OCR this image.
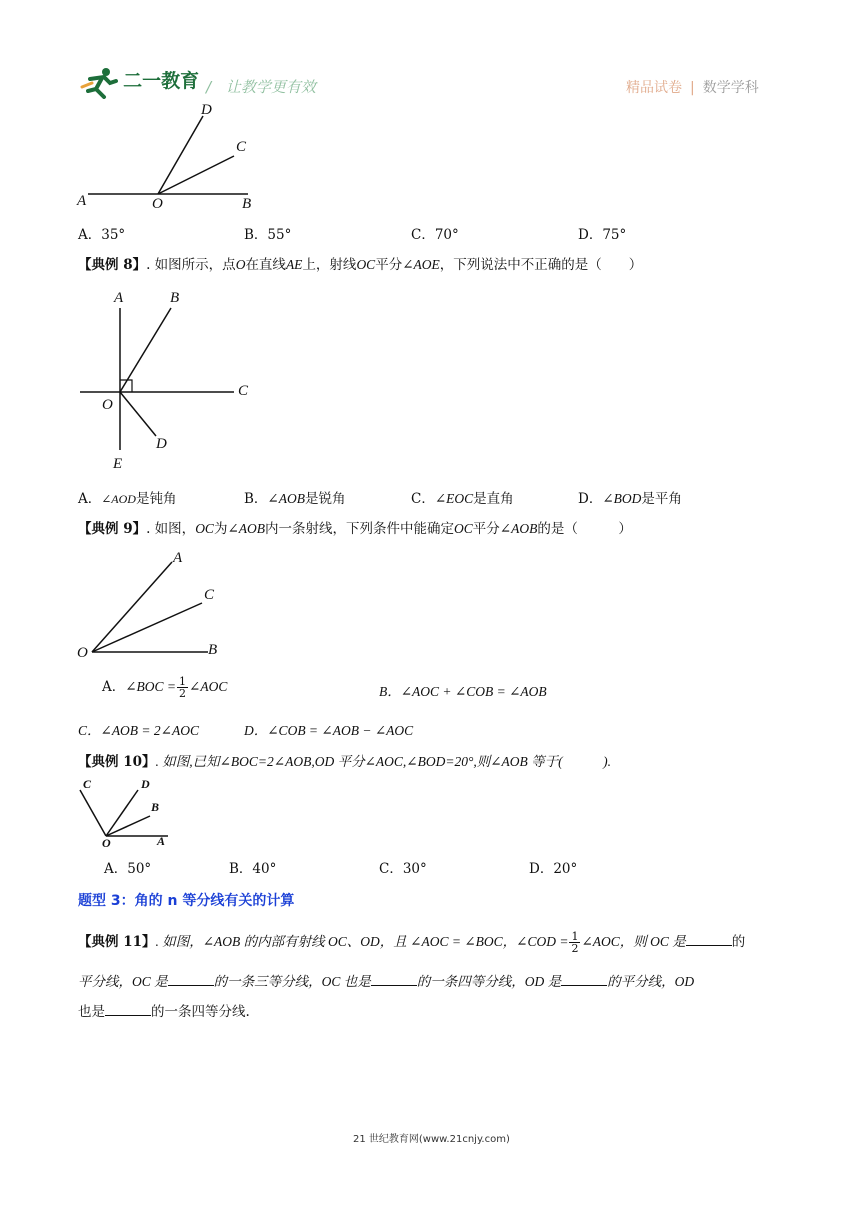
二一教育 / 让教学更有效	精品试卷 | 数学学科
A	O	B
C
D
A．35°	B．55°	C．70°	D．75°
【典例 8】. 如图所示，点O在直线AE上，射线OC平分∠AOE，下列说法中不正确的是（　　）
A	B
C
O
D
E
A．∠AOD是钝角	B．∠AOB是锐角	C．∠EOC是直角	D．∠BOD是平角
【典例 9】. 如图，OC为∠AOB内一条射线，下列条件中能确定OC平分∠AOB的是（　　　）
A
C
O	B
A．∠BOC = $\frac{1}{2}$ ∠AOC	B．∠AOC + ∠COB = ∠AOB
C．∠AOB = 2∠AOC	D．∠COB = ∠AOB − ∠AOC
【典例 10】. 如图,已知∠BOC=2∠AOB,OD 平分∠AOC,∠BOD=20°,则∠AOB 等于(　　　).
C	D
B
O	A
A．50°	B．40°	C．30°	D．20°
题型 3：角的 n 等分线有关的计算
【典例 11】. 如图，∠AOB 的内部有射线 OC、OD，且 ∠AOC = ∠BOC，∠COD = $\frac{1}{2}$ ∠AOC，则 OC 是	的
平分线，OC 是	的一条三等分线，OC 也是	的一条四等分线，OD 是	的平分线，OD
也是	的一条四等分线.
21 世纪教育网(www.21cnjy.com)
